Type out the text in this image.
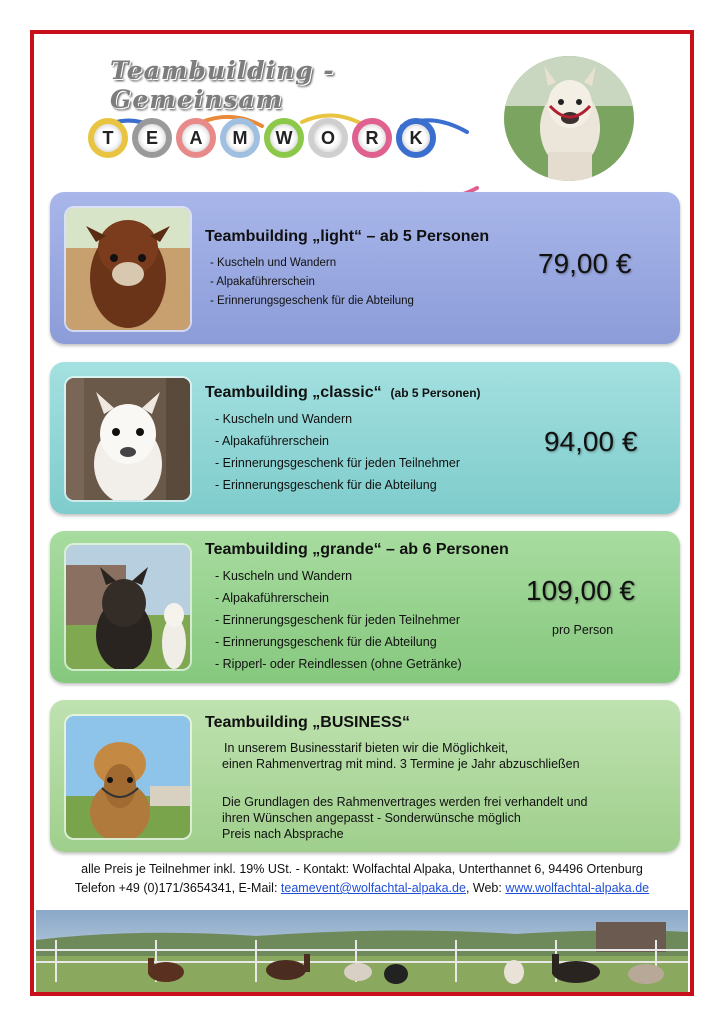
Teambuilding - Gemeinsam
T	E	A	M	W	O	R	K
Teambuilding „light“ – ab 5 Personen
- Kuscheln und Wandern
- Alpakaführerschein
- Erinnerungsgeschenk für die Abteilung
79,00 €
Teambuilding „classic“ (ab 5 Personen)
- Kuscheln und Wandern
- Alpakaführerschein
- Erinnerungsgeschenk für jeden Teilnehmer
- Erinnerungsgeschenk für die Abteilung
94,00 €
Teambuilding „grande“ – ab 6 Personen
- Kuscheln und Wandern
- Alpakaführerschein
- Erinnerungsgeschenk für jeden Teilnehmer
- Erinnerungsgeschenk für die Abteilung
- Ripperl- oder Reindlessen (ohne Getränke)
109,00 €
pro Person
Teambuilding „BUSINESS“
In unserem Businesstarif bieten wir die Möglichkeit,
einen Rahmenvertrag mit mind. 3 Termine je Jahr abzuschließen
Die Grundlagen des Rahmenvertrages werden frei verhandelt und
ihren Wünschen angepasst - Sonderwünsche möglich
Preis nach Absprache
alle Preis je Teilnehmer inkl. 19% USt. - Kontakt: Wolfachtal Alpaka, Unterthannet 6, 94496 Ortenburg
Telefon +49 (0)171/3654341, E-Mail: teamevent@wolfachtal-alpaka.de, Web: www.wolfachtal-alpaka.de
